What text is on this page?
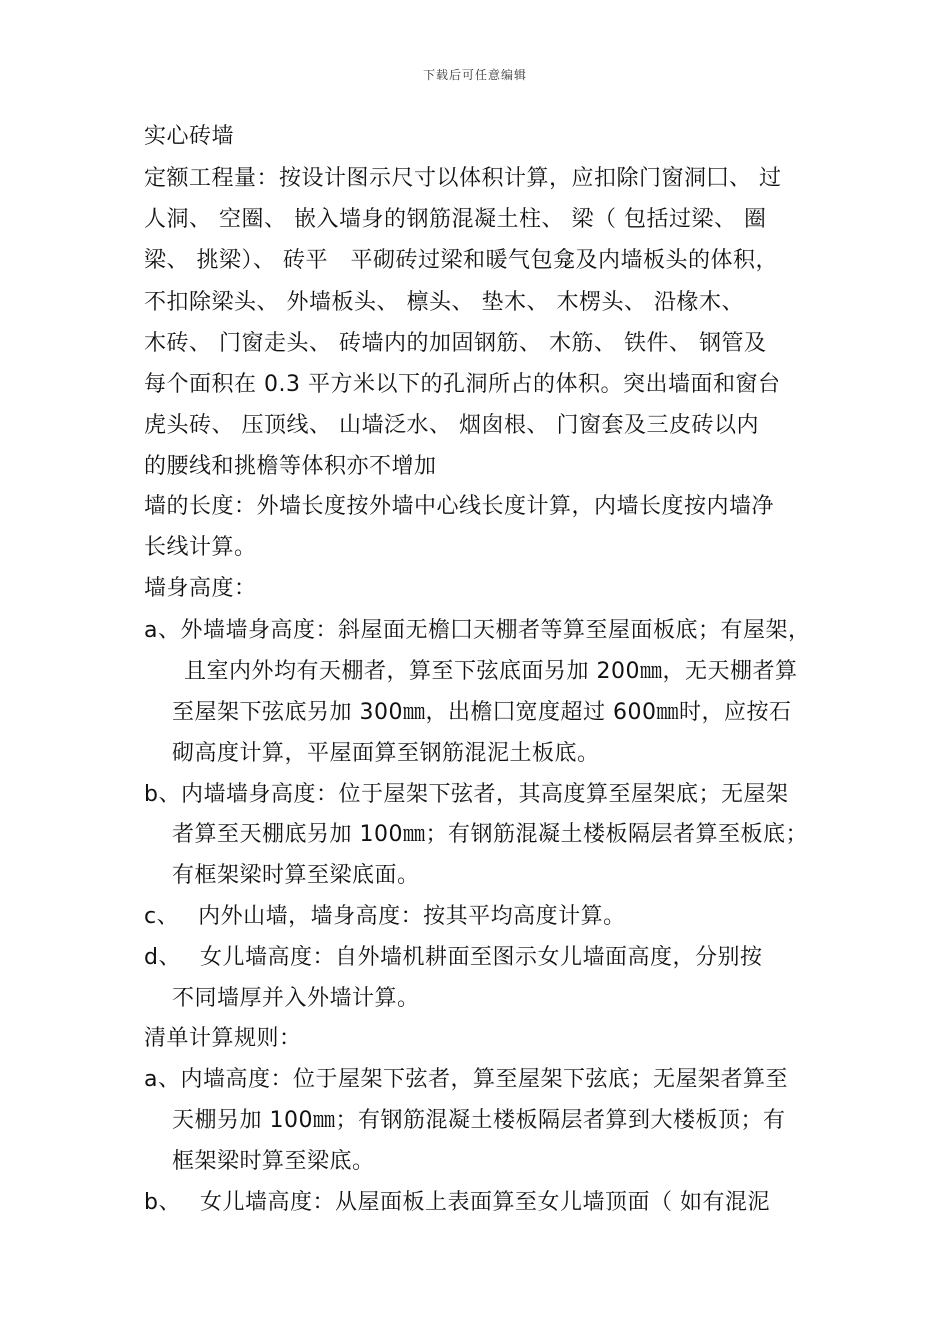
下载后可任意编辑
实心砖墙
定额工程量：按设计图示尺寸以体积计算，应扣除门窗洞囗、 过
人洞、 空圈、 嵌入墙身的钢筋混凝土柱、 梁（ 包括过梁、 圈
梁、 挑梁）、 砖平　平砌砖过梁和暖气包龛及内墙板头的体积，
不扣除梁头、 外墙板头、 檩头、 垫木、 木楞头、 沿椽木、
木砖、 门窗走头、 砖墙内的加固钢筋、 木筋、 铁件、 钢管及
每个面积在 0.3 平方米以下的孔洞所占的体积。突出墙面和窗台
虎头砖、 压顶线、 山墙泛水、 烟囱根、 门窗套及三皮砖以内
的腰线和挑檐等体积亦不增加
墙的长度：外墙长度按外墙中心线长度计算，内墙长度按内墙净
长线计算。
墙身高度：
a、外墙墙身高度：斜屋面无檐囗天棚者等算至屋面板底；有屋架，
且室内外均有天棚者，算至下弦底面另加 200㎜，无天棚者算
至屋架下弦底另加 300㎜，出檐囗宽度超过 600㎜时，应按石
砌高度计算，平屋面算至钢筋混泥土板底。
b、内墙墙身高度：位于屋架下弦者，其高度算至屋架底；无屋架
者算至天棚底另加 100㎜；有钢筋混凝土楼板隔层者算至板底；
有框架梁时算至梁底面。
c、　 内外山墙，墙身高度：按其平均高度计算。
d、　 女儿墙高度：自外墙机耕面至图示女儿墙面高度，分别按
不同墙厚并入外墙计算。
清单计算规则：
a、内墙高度：位于屋架下弦者，算至屋架下弦底；无屋架者算至
天棚另加 100㎜；有钢筋混凝土楼板隔层者算到大楼板顶；有
框架梁时算至梁底。
b、　 女儿墙高度：从屋面板上表面算至女儿墙顶面（ 如有混泥
